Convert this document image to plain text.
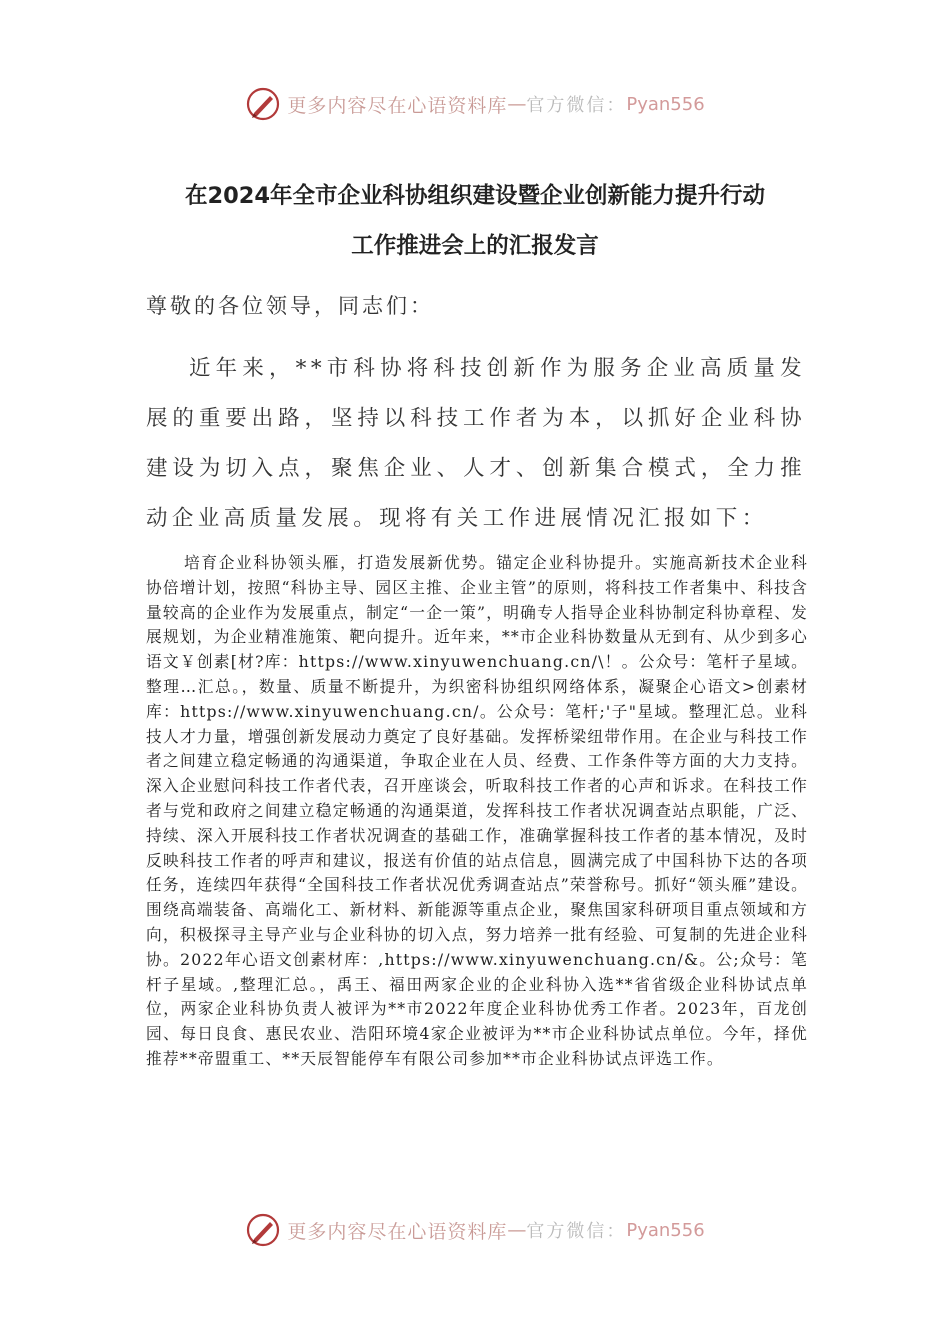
更多内容尽在心语资料库 — 官方微信： Pyan556
在2024年全市企业科协组织建设暨企业创新能力提升行动
工作推进会上的汇报发言
尊敬的各位领导，同志们：

近年来，**市科协将科技创新作为服务企业高质量发展的重要出路，坚持以科技工作者为本，以抓好企业科协建设为切入点，聚焦企业、人才、创新集合模式，全力推动企业高质量发展。现将有关工作进展情况汇报如下：

培育企业科协领头雁，打造发展新优势。锚定企业科协提升。实施高新技术企业科协倍增计划，按照“科协主导、园区主推、企业主管”的原则，将科技工作者集中、科技含量较高的企业作为发展重点，制定“一企一策”，明确专人指导企业科协制定科协章程、发展规划，为企业精准施策、靶向提升。近年来，**市企业科协数量从无到有、从少到多心语文￥创素[材?库：https://www.xinyuwenchuang.cn/\！。公众号：笔杆子星域。整理…汇总。，数量、质量不断提升，为织密科协组织网络体系，凝聚企心语文>创素材库：https://www.xinyuwenchuang.cn/。公众号：笔杆;'子"星域。整理汇总。业科技人才力量，增强创新发展动力奠定了良好基础。发挥桥梁纽带作用。在企业与科技工作者之间建立稳定畅通的沟通渠道，争取企业在人员、经费、工作条件等方面的大力支持。深入企业慰问科技工作者代表，召开座谈会，听取科技工作者的心声和诉求。在科技工作者与党和政府之间建立稳定畅通的沟通渠道，发挥科技工作者状况调查站点职能，广泛、持续、深入开展科技工作者状况调查的基础工作，准确掌握科技工作者的基本情况，及时反映科技工作者的呼声和建议，报送有价值的站点信息，圆满完成了中国科协下达的各项任务，连续四年获得“全国科技工作者状况优秀调查站点”荣誉称号。抓好“领头雁”建设。围绕高端装备、高端化工、新材料、新能源等重点企业，聚焦国家科研项目重点领域和方向，积极探寻主导产业与企业科协的切入点，努力培养一批有经验、可复制的先进企业科协。2022年心语文创素材库：,https://www.xinyuwenchuang.cn/&。公;众号：笔杆子星域。,整理汇总。，禹王、福田两家企业的企业科协入选**省省级企业科协试点单位，两家企业科协负责人被评为**市2022年度企业科协优秀工作者。2023年，百龙创园、每日良食、惠民农业、浩阳环境4家企业被评为**市企业科协试点单位。今年，择优推荐**帝盟重工、**天辰智能停车有限公司参加**市企业科协试点评选工作。

更多内容尽在心语资料库 — 官方微信： Pyan556
